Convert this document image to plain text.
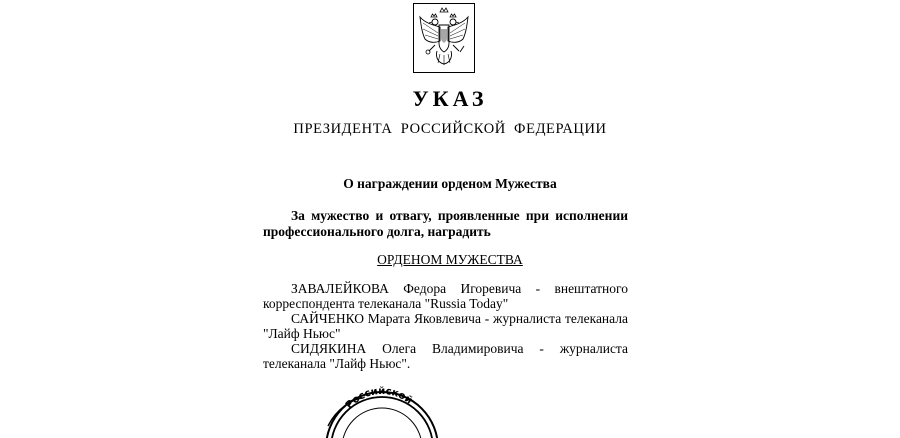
УКАЗ
ПРЕЗИДЕНТА РОССИЙСКОЙ ФЕДЕРАЦИИ
О награждении орденом Мужества
За мужество и отвагу, проявленные при исполнении профессионального долга, наградить
ОРДЕНОМ МУЖЕСТВА

ЗАВАЛЕЙКОВА Федора Игоревича - внештатного корреспондента телеканала "Russia Today"

САЙЧЕНКО Марата Яковлевича - журналиста телеканала "Лайф Ньюс"

СИДЯКИНА Олега Владимировича - журналиста телеканала "Лайф Ньюс".

Российской
